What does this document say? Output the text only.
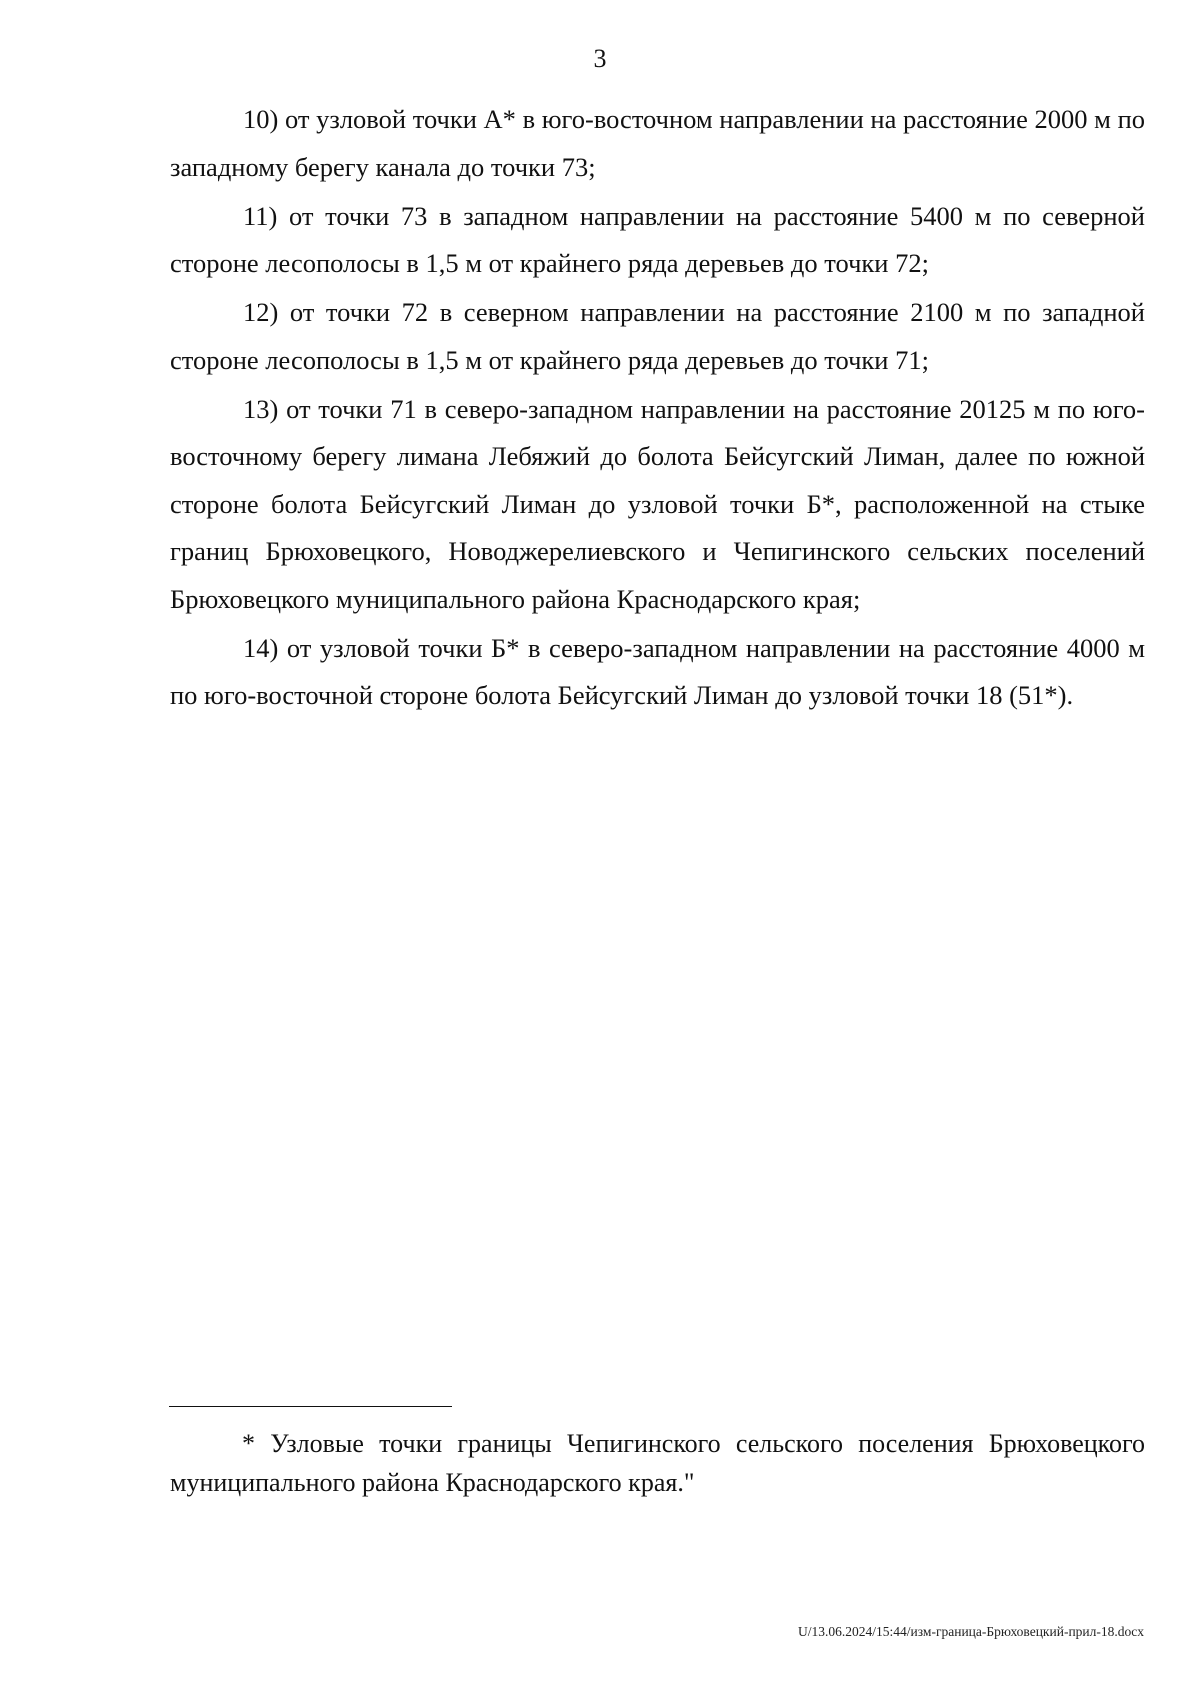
3

10) от узловой точки А* в юго-восточном направлении на расстояние 2000 м по западному берегу канала до точки 73;

11) от точки 73 в западном направлении на расстояние 5400 м по северной стороне лесополосы в 1,5 м от крайнего ряда деревьев до точки 72;

12) от точки 72 в северном направлении на расстояние 2100 м по западной стороне лесополосы в 1,5 м от крайнего ряда деревьев до точки 71;

13) от точки 71 в северо-западном направлении на расстояние 20125 м по юго-восточному берегу лимана Лебяжий до болота Бейсугский Лиман, далее по южной стороне болота Бейсугский Лиман до узловой точки Б*, расположенной на стыке границ Брюховецкого, Новоджерелиевского и Чепигинского сельских поселений Брюховецкого муниципального района Краснодарского края;

14) от узловой точки Б* в северо-западном направлении на расстояние 4000 м по юго-восточной стороне болота Бейсугский Лиман до узловой точки 18 (51*).

* Узловые точки границы Чепигинского сельского поселения Брюховецкого муниципального района Краснодарского края."

U/13.06.2024/15:44/изм-граница-Брюховецкий-прил-18.docx
